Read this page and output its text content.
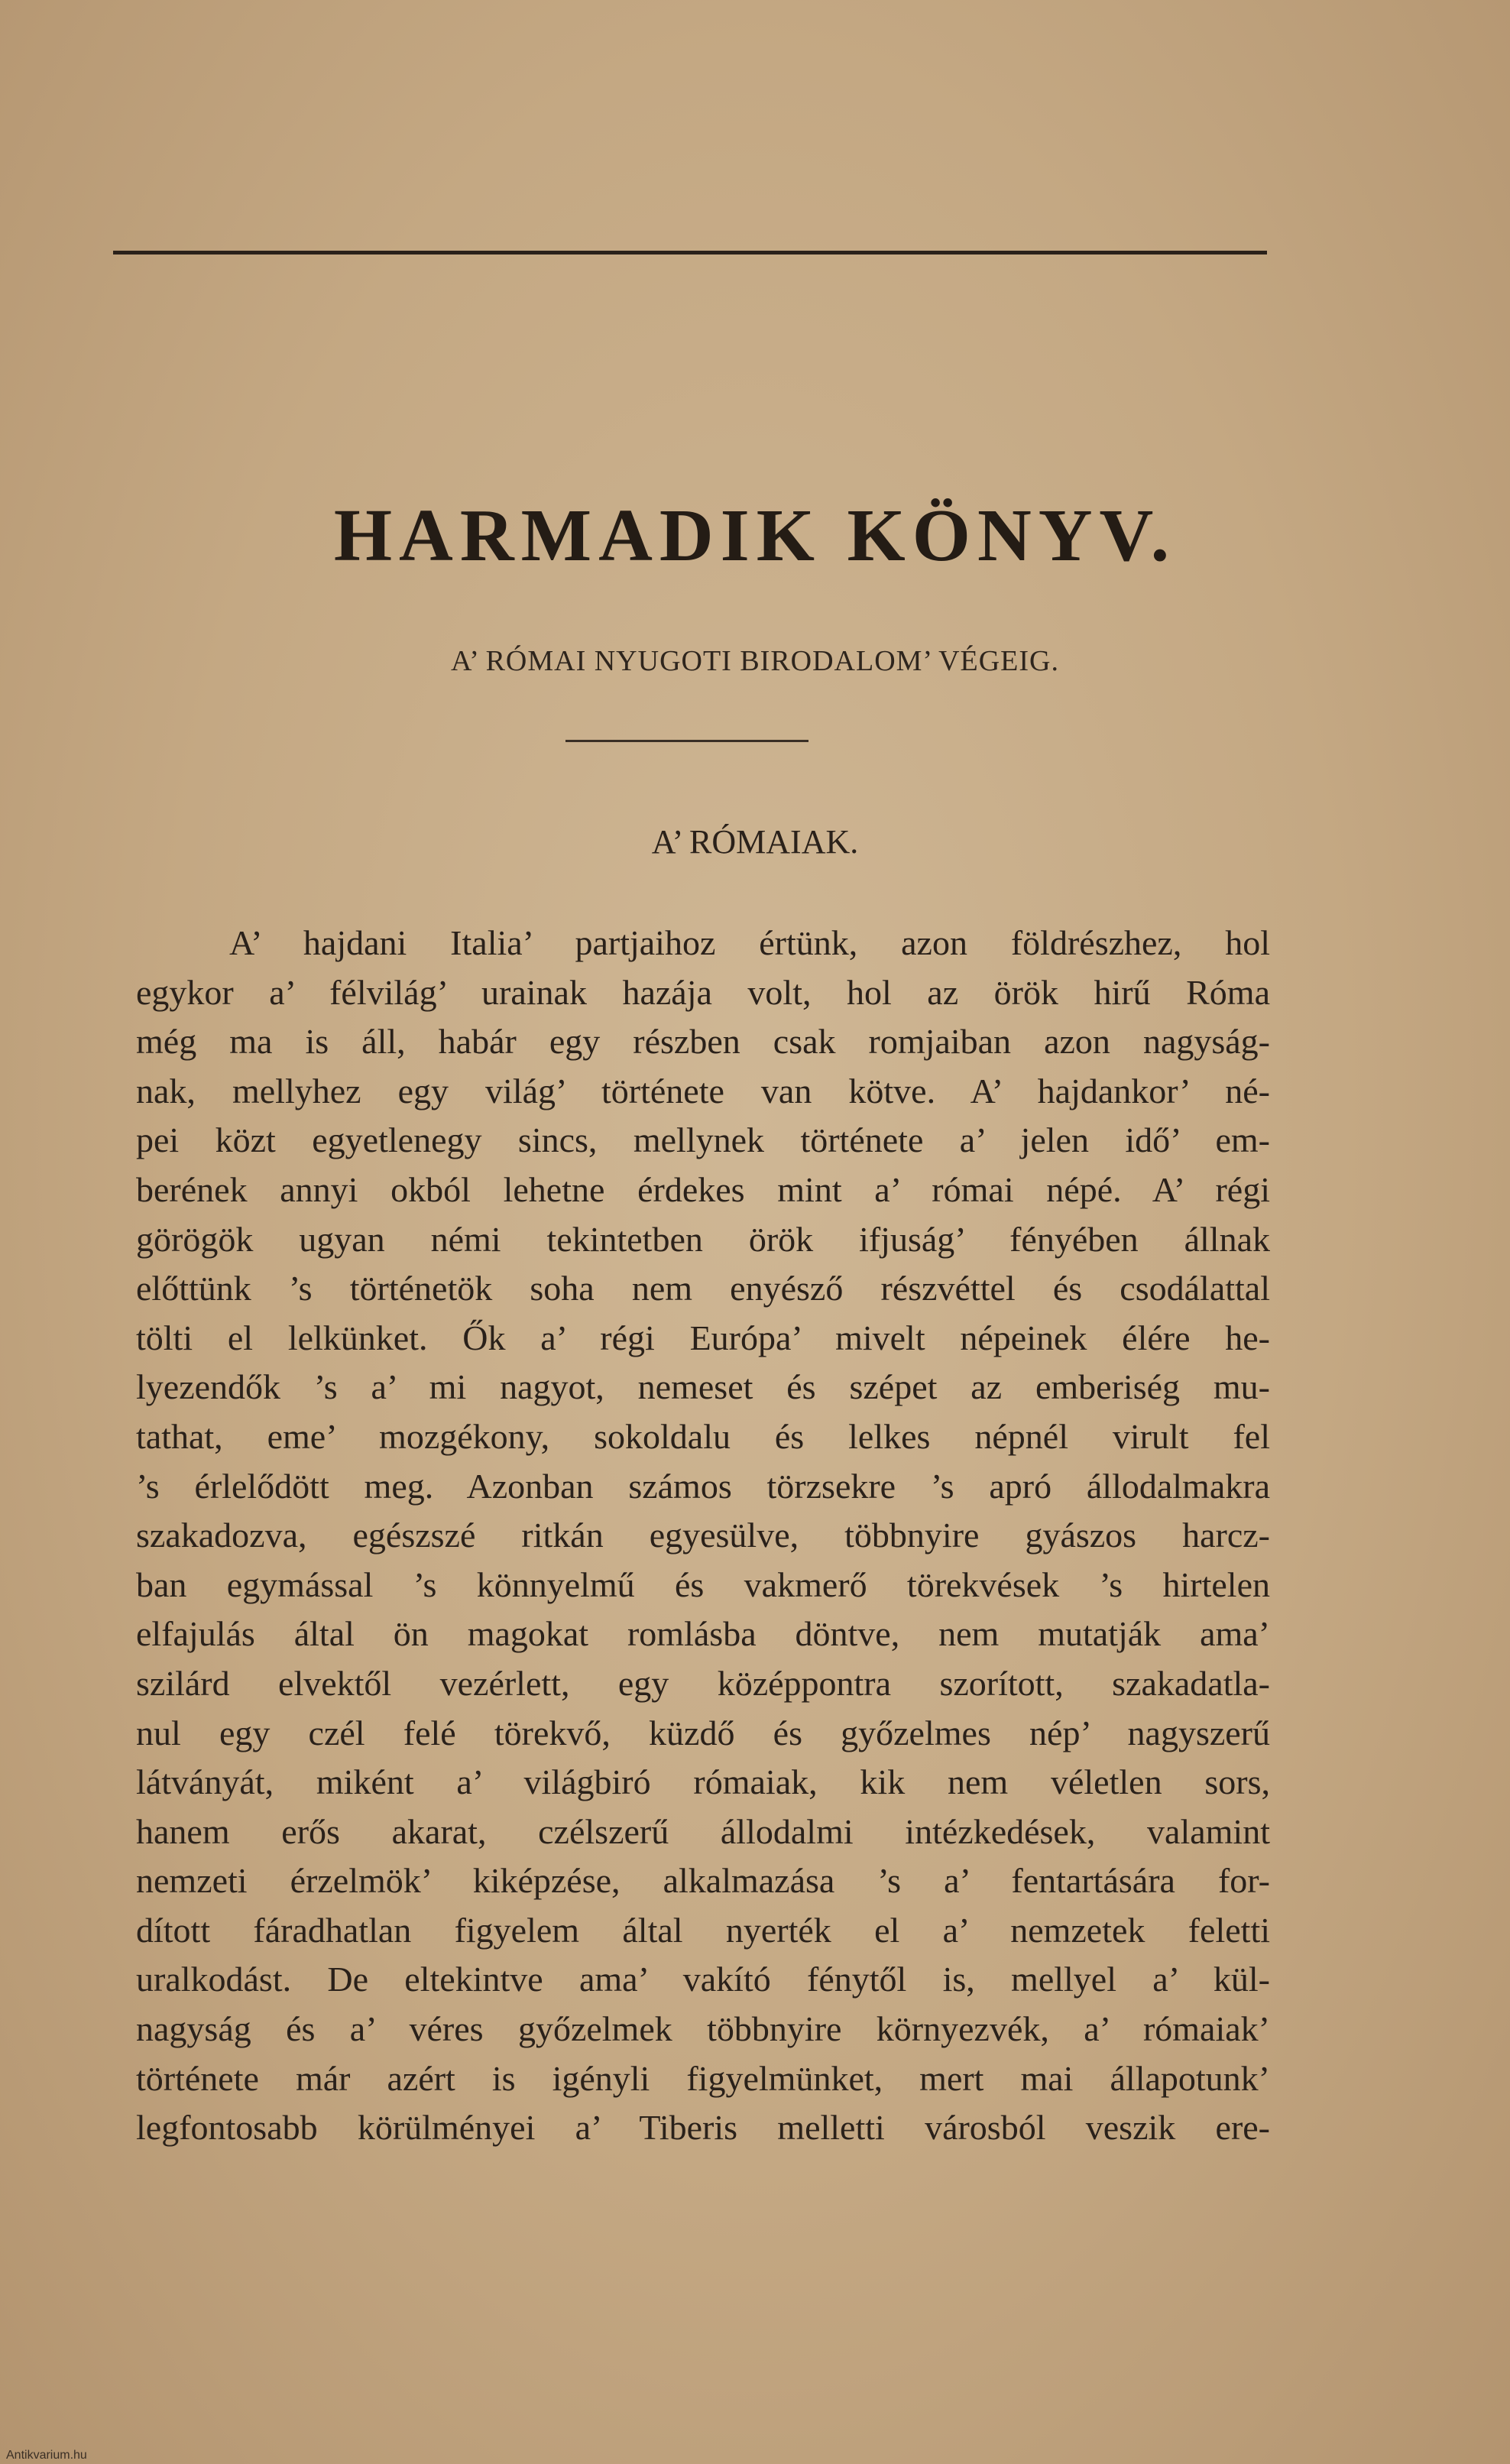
HARMADIK KÖNYV.
A’ RÓMAI NYUGOTI BIRODALOM’ VÉGEIG.
A’ RÓMAIAK.
A’ hajdani Italia’ partjaihoz értünk, azon földrészhez, hol
egykor a’ félvilág’ urainak hazája volt, hol az örök hirű Róma
még ma is áll, habár egy részben csak romjaiban azon nagyság-
nak, mellyhez egy világ’ története van kötve. A’ hajdankor’ né-
pei közt egyetlenegy sincs, mellynek története a’ jelen idő’ em-
berének annyi okból lehetne érdekes mint a’ római népé. A’ régi
görögök ugyan némi tekintetben örök ifjuság’ fényében állnak
előttünk ’s történetök soha nem enyésző részvéttel és csodálattal
tölti el lelkünket. Ők a’ régi Európa’ mivelt népeinek élére he-
lyezendők ’s a’ mi nagyot, nemeset és szépet az emberiség mu-
tathat, eme’ mozgékony, sokoldalu és lelkes népnél virult fel
’s érlelődött meg. Azonban számos törzsekre ’s apró állodalmakra
szakadozva, egészszé ritkán egyesülve, többnyire gyászos harcz-
ban egymással ’s könnyelmű és vakmerő törekvések ’s hirtelen
elfajulás által ön magokat romlásba döntve, nem mutatják ama’
szilárd elvektől vezérlett, egy középpontra szorított, szakadatla-
nul egy czél felé törekvő, küzdő és győzelmes nép’ nagyszerű
látványát, miként a’ világbiró rómaiak, kik nem véletlen sors,
hanem erős akarat, czélszerű állodalmi intézkedések, valamint
nemzeti érzelmök’ kiképzése, alkalmazása ’s a’ fentartására for-
dított fáradhatlan figyelem által nyerték el a’ nemzetek feletti
uralkodást. De eltekintve ama’ vakító fénytől is, mellyel a’ kül-
nagyság és a’ véres győzelmek többnyire környezvék, a’ rómaiak’
története már azért is igényli figyelmünket, mert mai állapotunk’
legfontosabb körülményei a’ Tiberis melletti városból veszik ere-
Antikvarium.hu
